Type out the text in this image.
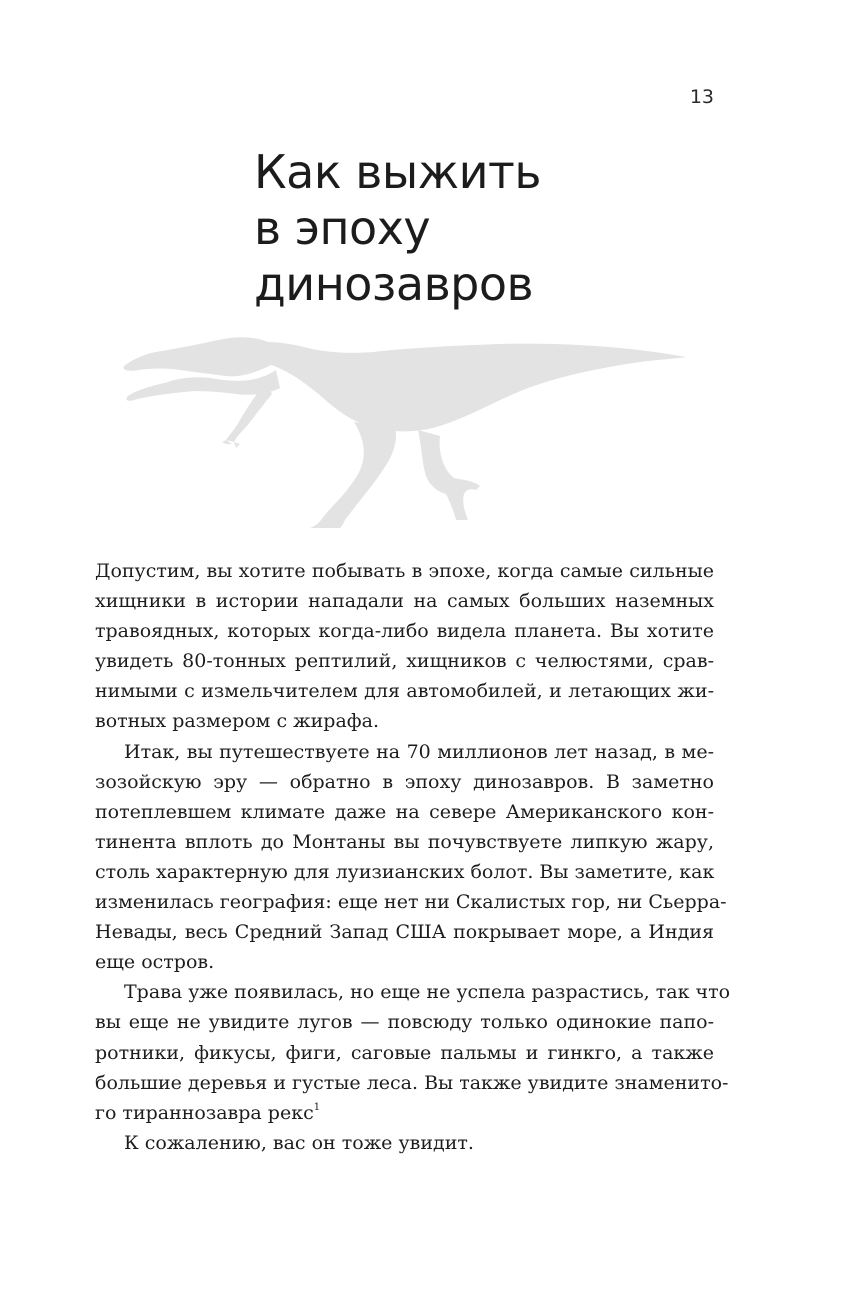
13
Как выжить
в эпоху
динозавров

Допустим, вы хотите побывать в эпохе, когда самые сильные
хищники в истории нападали на самых больших наземных
травоядных, которых когда-либо видела планета. Вы хотите
увидеть 80-тонных рептилий, хищников с челюстями, срав-
нимыми с измельчителем для автомобилей, и летающих жи-
вотных размером с жирафа.

Итак, вы путешествуете на 70 миллионов лет назад, в ме-
зозойскую эру — обратно в эпоху динозавров. В заметно
потеплевшем климате даже на севере Американского кон-
тинента вплоть до Монтаны вы почувствуете липкую жару,
столь характерную для луизианских болот. Вы заметите, как
изменилась география: еще нет ни Скалистых гор, ни Сьерра-
Невады, весь Средний Запад США покрывает море, а Индия
еще остров.

Трава уже появилась, но еще не успела разрастись, так что
вы еще не увидите лугов — повсюду только одинокие папо-
ротники, фикусы, фиги, саговые пальмы и гинкго, а также
большие деревья и густые леса. Вы также увидите знаменито-
го тираннозавра рекс$^1$

К сожалению, вас он тоже увидит.
